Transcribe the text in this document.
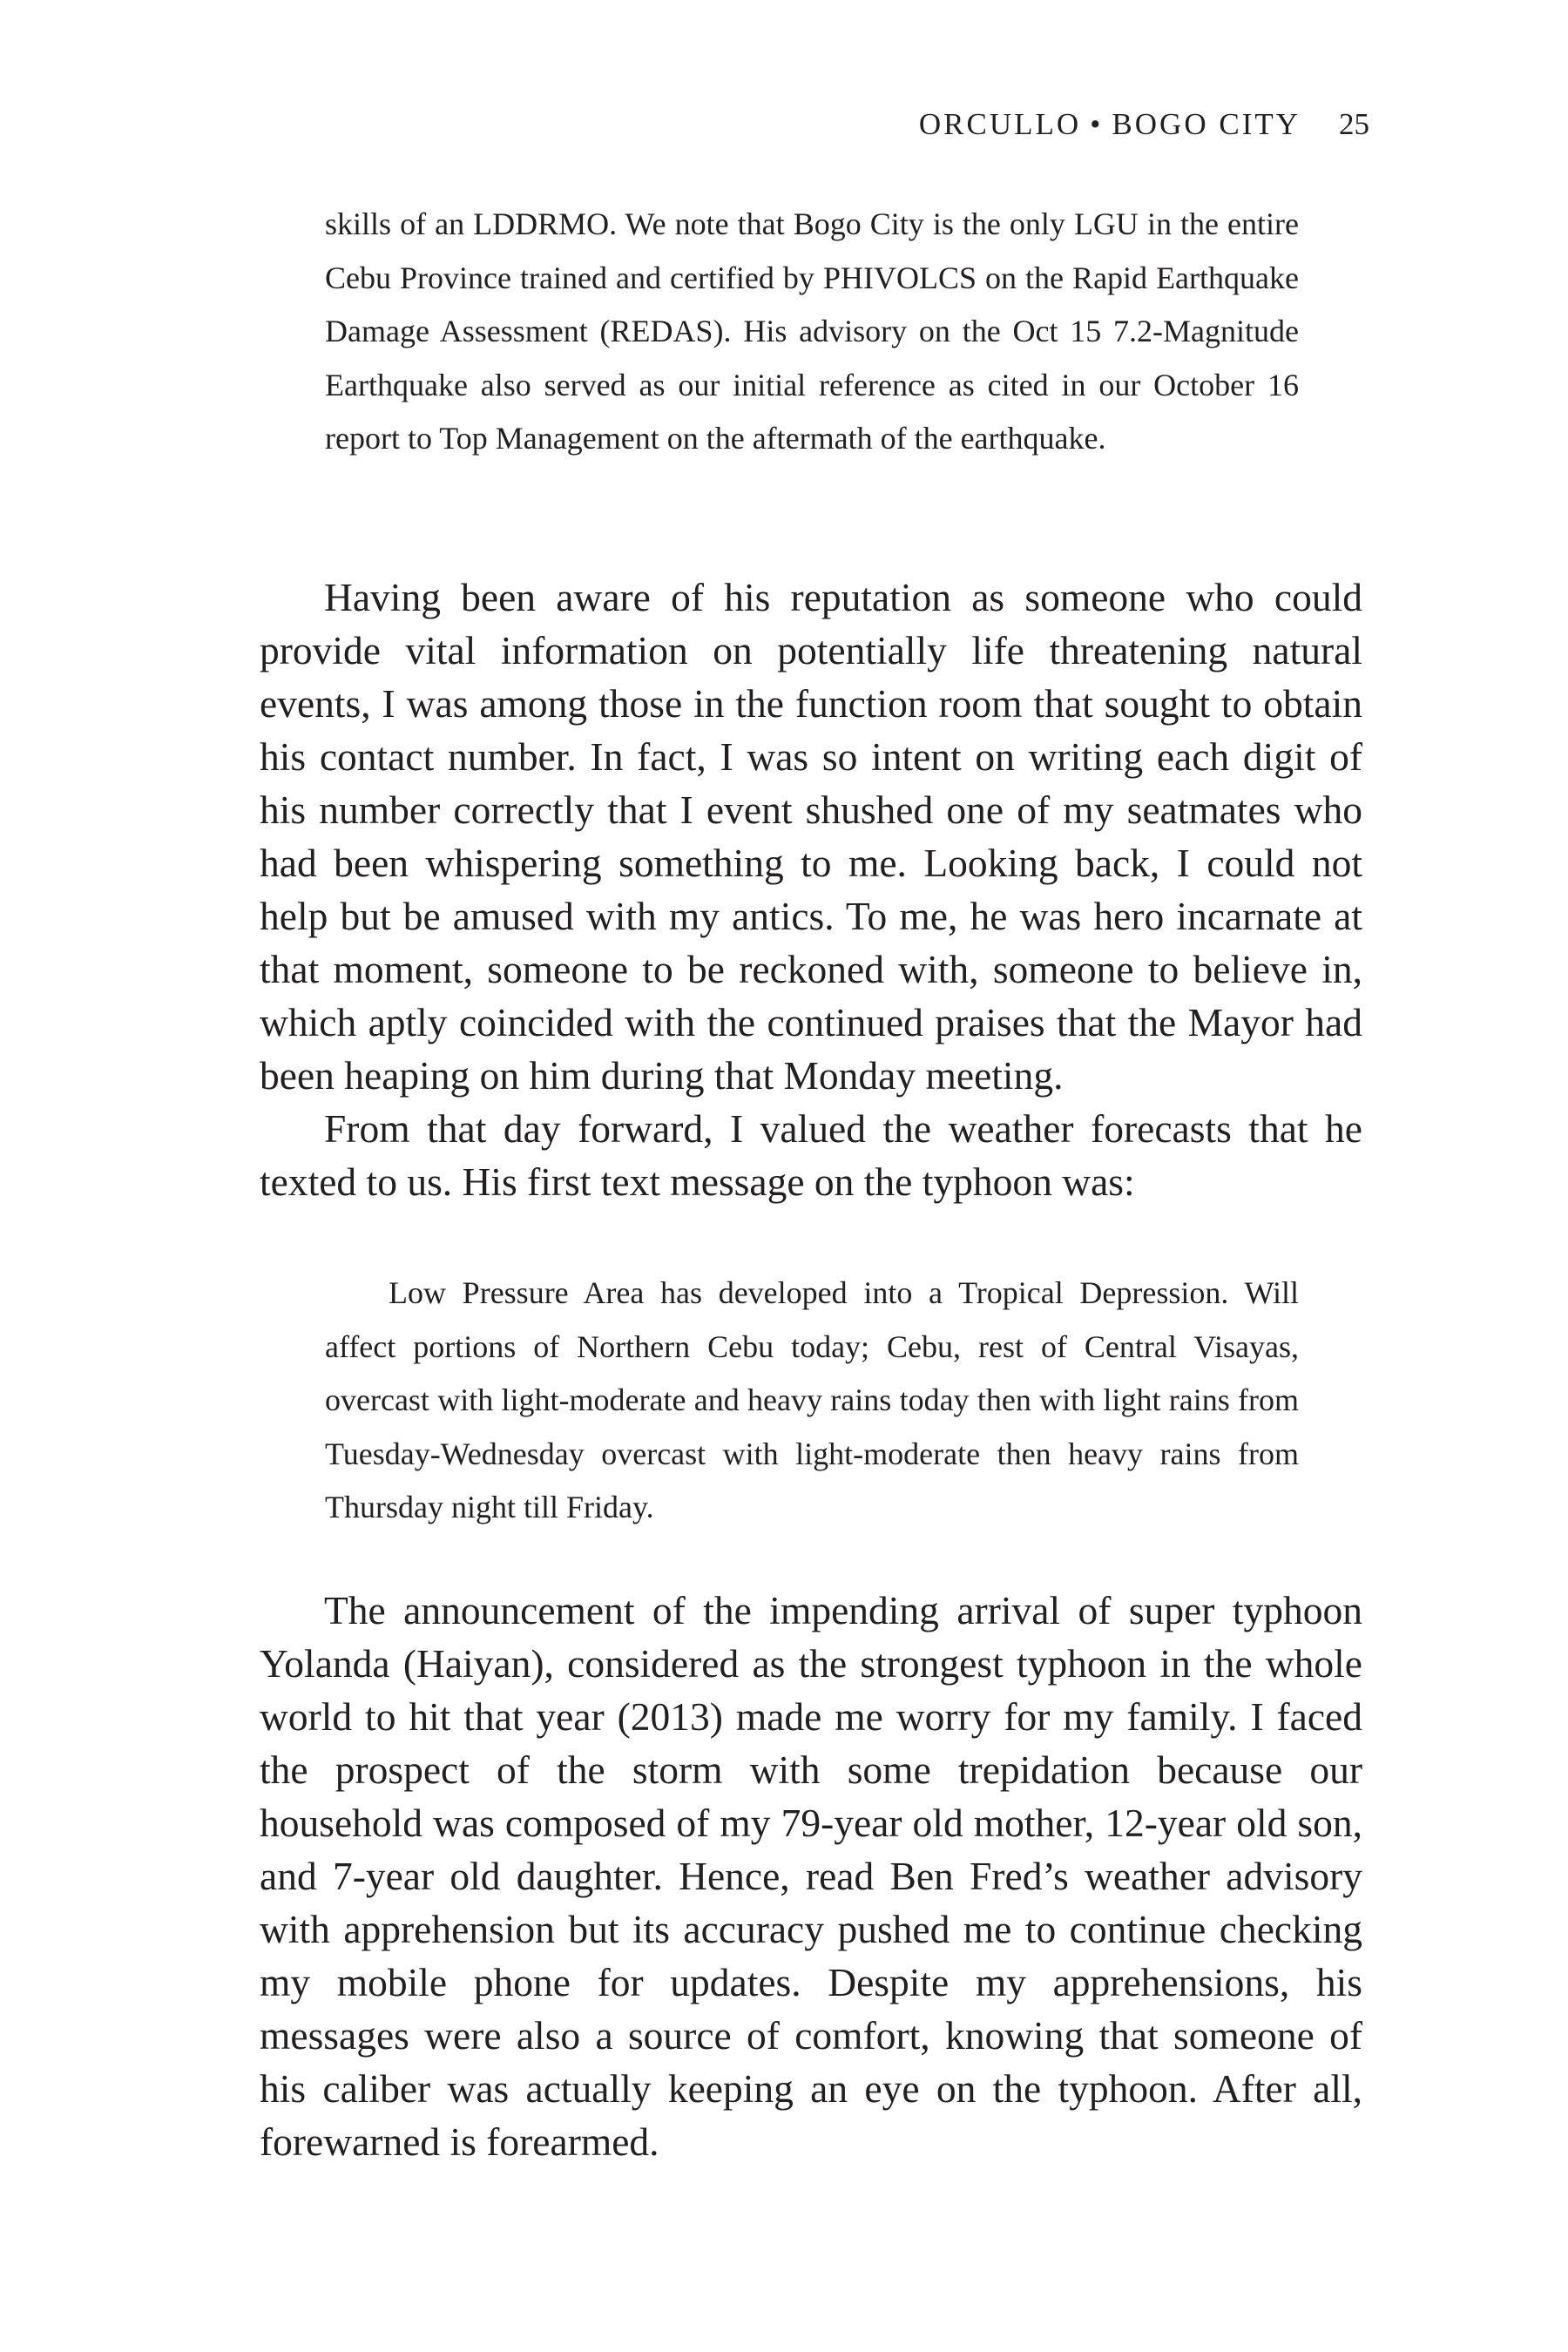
ORCULLO • BOGO CITY 25

skills of an LDDRMO. We note that Bogo City is the only LGU in the entire Cebu Province trained and certified by PHIVOLCS on the Rapid Earthquake Damage Assessment (REDAS). His advisory on the Oct 15 7.2-Magnitude Earthquake also served as our initial reference as cited in our October 16 report to Top Management on the aftermath of the earthquake.

Having been aware of his reputation as someone who could provide vital information on potentially life threatening natural events, I was among those in the function room that sought to obtain his contact number. In fact, I was so intent on writing each digit of his number correctly that I event shushed one of my seatmates who had been whispering something to me. Looking back, I could not help but be amused with my antics. To me, he was hero incarnate at that moment, someone to be reckoned with, someone to believe in, which aptly coincided with the continued praises that the Mayor had been heaping on him during that Monday meeting.

From that day forward, I valued the weather forecasts that he texted to us. His first text message on the typhoon was:

Low Pressure Area has developed into a Tropical Depression. Will affect portions of Northern Cebu today; Cebu, rest of Central Visayas, overcast with light-moderate and heavy rains today then with light rains from Tuesday-Wednesday overcast with light-moderate then heavy rains from Thursday night till Friday.

The announcement of the impending arrival of super typhoon Yolanda (Haiyan), considered as the strongest typhoon in the whole world to hit that year (2013) made me worry for my family. I faced the prospect of the storm with some trepidation because our household was composed of my 79-year old mother, 12-year old son, and 7-year old daughter. Hence, read Ben Fred’s weather advisory with apprehension but its accuracy pushed me to continue checking my mobile phone for updates. Despite my apprehensions, his messages were also a source of comfort, knowing that someone of his caliber was actually keeping an eye on the typhoon. After all, forewarned is forearmed.
